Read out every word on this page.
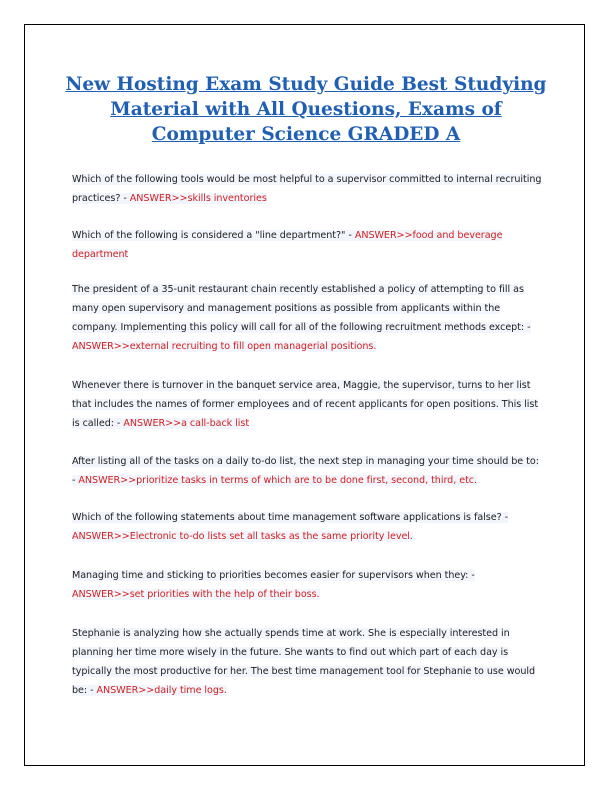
New Hosting Exam Study Guide Best Studying Material with All Questions, Exams of Computer Science GRADED A

Which of the following tools would be most helpful to a supervisor committed to internal recruiting practices? - ANSWER>>skills inventories

Which of the following is considered a "line department?" - ANSWER>>food and beverage department

The president of a 35-unit restaurant chain recently established a policy of attempting to fill as many open supervisory and management positions as possible from applicants within the company. Implementing this policy will call for all of the following recruitment methods except: - ANSWER>>external recruiting to fill open managerial positions.

Whenever there is turnover in the banquet service area, Maggie, the supervisor, turns to her list that includes the names of former employees and of recent applicants for open positions. This list is called: - ANSWER>>a call-back list

After listing all of the tasks on a daily to-do list, the next step in managing your time should be to: - ANSWER>>prioritize tasks in terms of which are to be done first, second, third, etc.

Which of the following statements about time management software applications is false? - ANSWER>>Electronic to-do lists set all tasks as the same priority level.

Managing time and sticking to priorities becomes easier for supervisors when they: - ANSWER>>set priorities with the help of their boss.

Stephanie is analyzing how she actually spends time at work. She is especially interested in planning her time more wisely in the future. She wants to find out which part of each day is typically the most productive for her. The best time management tool for Stephanie to use would be: - ANSWER>>daily time logs.
